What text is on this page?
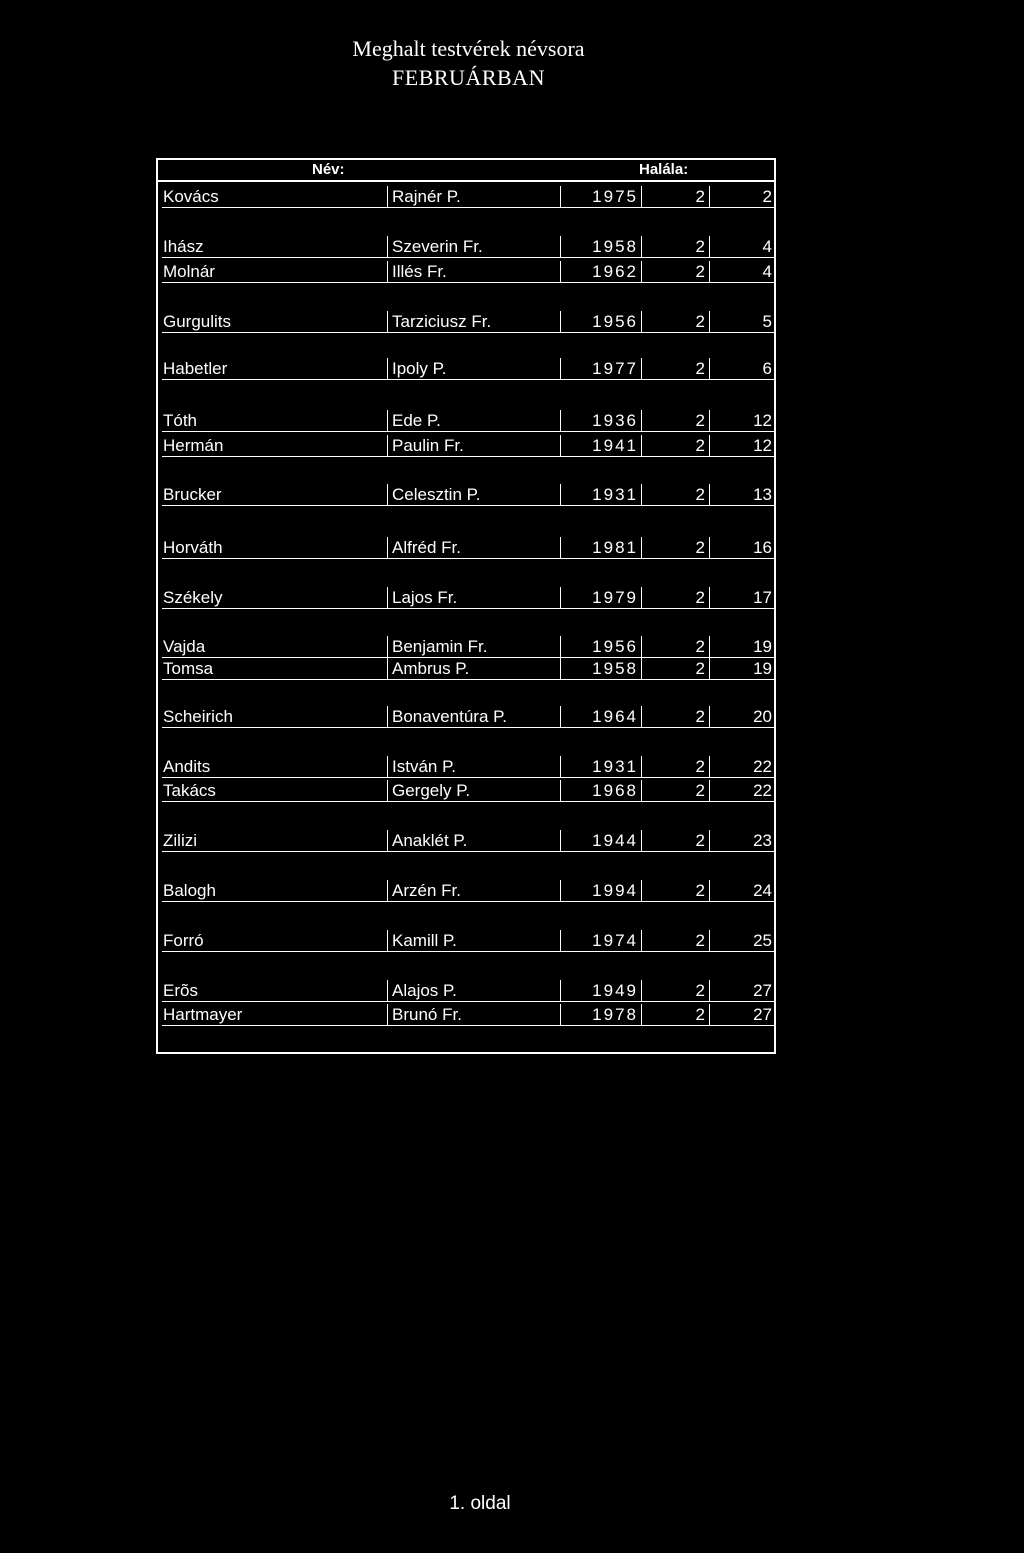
Meghalt testvérek névsora
FEBRUÁRBAN
Név:	Halála:
Kovács	Rajnér P.	1975	2	2
Ihász	Szeverin Fr.	1958	2	4
Molnár	Illés Fr.	1962	2	4
Gurgulits	Tarziciusz Fr.	1956	2	5
Habetler	Ipoly P.	1977	2	6
Tóth	Ede P.	1936	2	12
Hermán	Paulin Fr.	1941	2	12
Brucker	Celesztin P.	1931	2	13
Horváth	Alfréd Fr.	1981	2	16
Székely	Lajos Fr.	1979	2	17
Vajda	Benjamin Fr.	1956	2	19
Tomsa	Ambrus P.	1958	2	19
Scheirich	Bonaventúra P.	1964	2	20
Andits	István P.	1931	2	22
Takács	Gergely P.	1968	2	22
Zilizi	Anaklét P.	1944	2	23
Balogh	Arzén Fr.	1994	2	24
Forró	Kamill P.	1974	2	25
Erõs	Alajos P.	1949	2	27
Hartmayer	Brunó Fr.	1978	2	27
1. oldal
